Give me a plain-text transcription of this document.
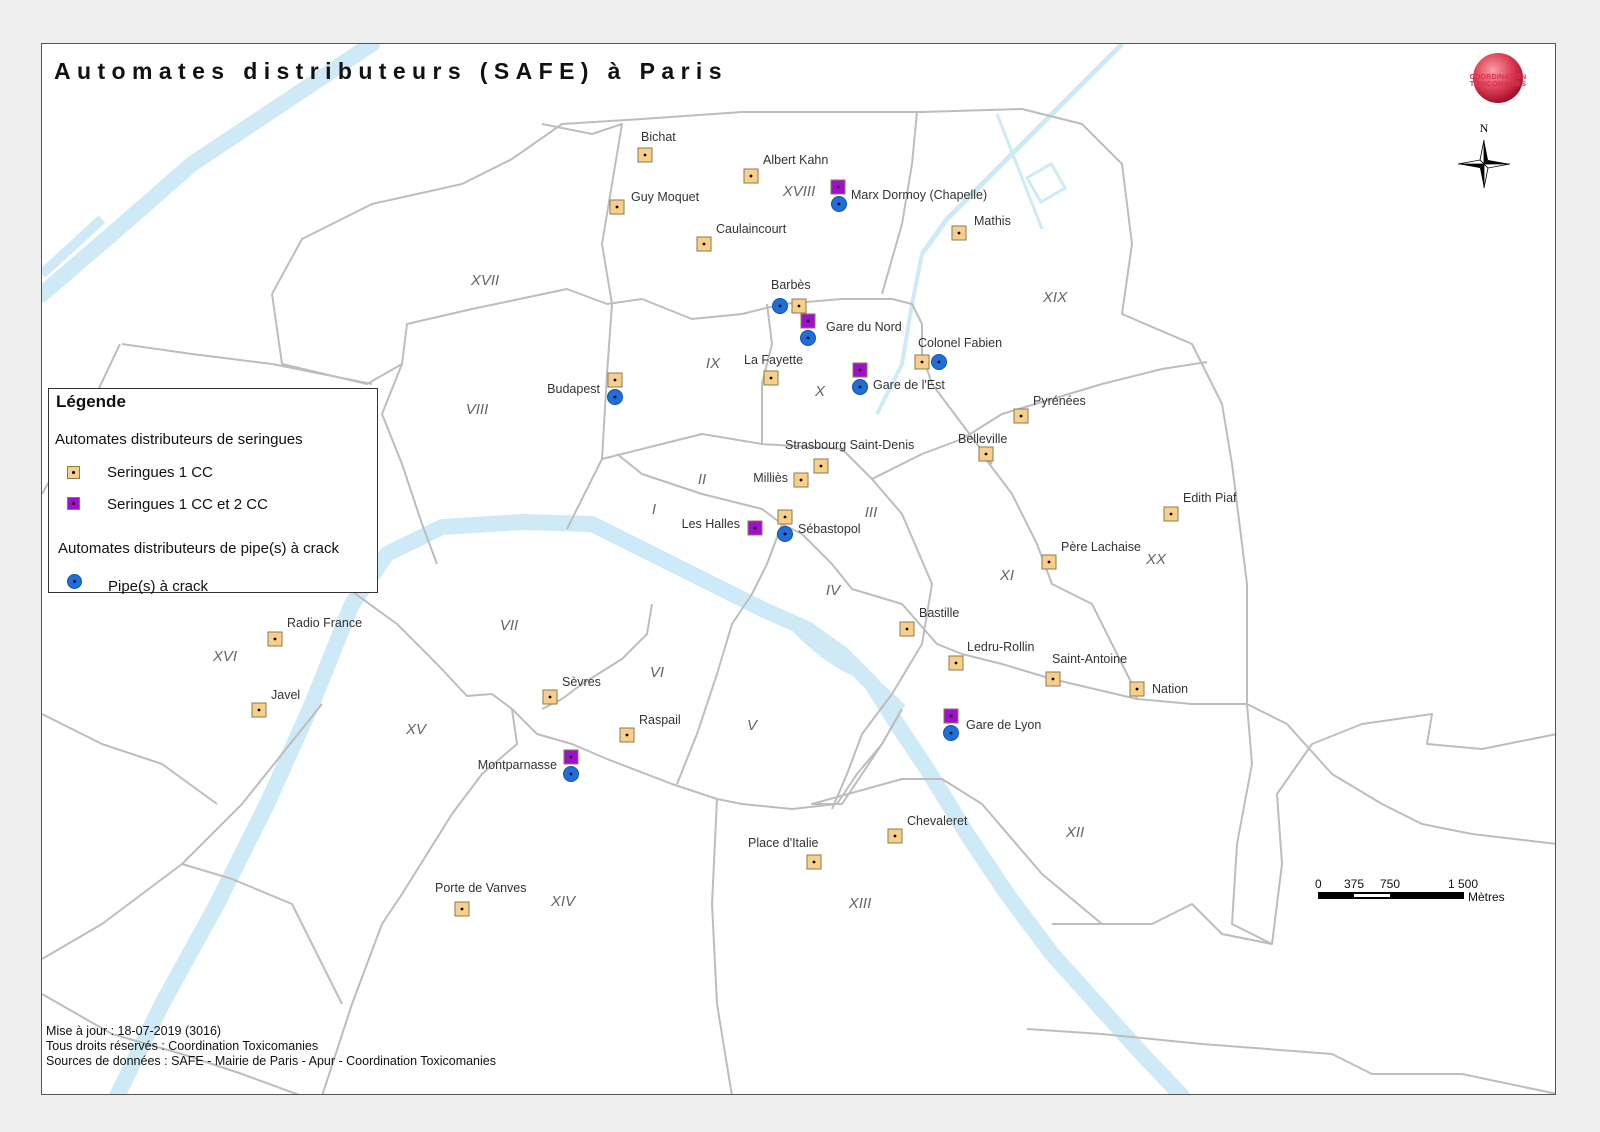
I
II
III
IV
V
VI
VII
VIII
IX
X
XI
XII
XIII
XIV
XV
XVI
XVII
XVIII
XIX
XX
Bichat
Albert Kahn
Guy Moquet	Marx Dormoy (Chapelle)
Caulaincourt
Mathis
Barbès
Gare du Nord
Colonel Fabien
La Fayette
Gare de l'Est
Budapest
Pyrénées
Strasbourg Saint-Denis	Belleville
Milliès
Edith Piaf
Les Halles	Sébastopol
Père Lachaise
Radio France
Bastille
Ledru-Rollin
Saint-Antoine
Nation
Javel
Sèvres
Raspail	Gare de Lyon
Montparnasse
Chevaleret
Place d'Italie
Porte de Vanves
N
Automates distributeurs (SAFE) à Paris	COORDINATION TOXICOMANIES
Légende
Automates distributeurs de seringues
Seringues 1 CC
Seringues 1 CC et 2 CC
Automates distributeurs de pipe(s) à crack
Pipe(s) à crack
0 375 750	1 500
Mètres
Mise à jour : 18-07-2019 (3016)
Tous droits réservés : Coordination Toxicomanies
Sources de données : SAFE - Mairie de Paris - Apur - Coordination Toxicomanies
